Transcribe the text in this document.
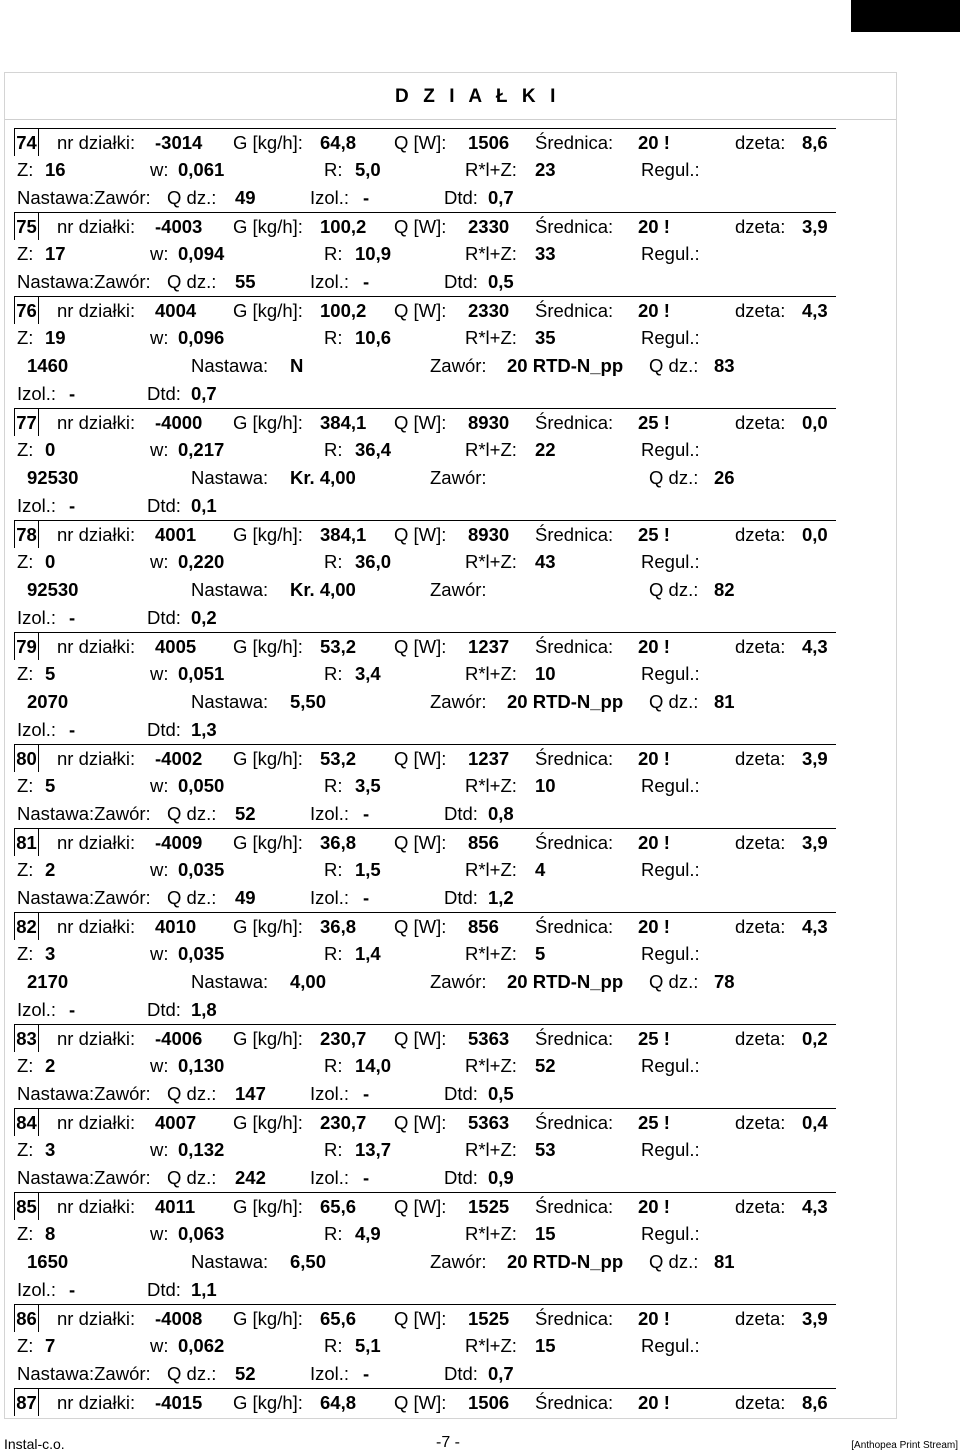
D Z I A Ł K I
74 nr działki: -3014 G [kg/h]: 64,8 Q [W]: 1506 Średnica: 20 !	dzeta: 8,6
Z: 16	w: 0,061	R: 5,0	R*l+Z: 23	Regul.:
Nastawa:Zawór: Q dz.: 49	Izol.: -	Dtd: 0,7
75 nr działki: -4003 G [kg/h]: 100,2 Q [W]: 2330 Średnica: 20 !	dzeta: 3,9
Z: 17	w: 0,094	R: 10,9	R*l+Z: 33	Regul.:
Nastawa:Zawór: Q dz.: 55	Izol.: -	Dtd: 0,5
76 nr działki: 4004 G [kg/h]: 100,2 Q [W]: 2330 Średnica: 20 !	dzeta: 4,3
Z: 19	w: 0,096	R: 10,6	R*l+Z: 35	Regul.:
1460	Nastawa: N	Zawór: 20 RTD-N_pp Q dz.: 83
Izol.: -	Dtd: 0,7
77 nr działki: -4000 G [kg/h]: 384,1 Q [W]: 8930 Średnica: 25 !	dzeta: 0,0
Z: 0	w: 0,217	R: 36,4	R*l+Z: 22	Regul.:
92530	Nastawa: Kr. 4,00	Zawór:	Q dz.: 26
Izol.: -	Dtd: 0,1
78 nr działki: 4001 G [kg/h]: 384,1 Q [W]: 8930 Średnica: 25 !	dzeta: 0,0
Z: 0	w: 0,220	R: 36,0	R*l+Z: 43	Regul.:
92530	Nastawa: Kr. 4,00	Zawór:	Q dz.: 82
Izol.: -	Dtd: 0,2
79 nr działki: 4005 G [kg/h]: 53,2 Q [W]: 1237 Średnica: 20 !	dzeta: 4,3
Z: 5	w: 0,051	R: 3,4	R*l+Z: 10	Regul.:
2070	Nastawa: 5,50	Zawór: 20 RTD-N_pp Q dz.: 81
Izol.: -	Dtd: 1,3
80 nr działki: -4002 G [kg/h]: 53,2 Q [W]: 1237 Średnica: 20 !	dzeta: 3,9
Z: 5	w: 0,050	R: 3,5	R*l+Z: 10	Regul.:
Nastawa:Zawór: Q dz.: 52	Izol.: -	Dtd: 0,8
81 nr działki: -4009 G [kg/h]: 36,8 Q [W]: 856 Średnica: 20 !	dzeta: 3,9
Z: 2	w: 0,035	R: 1,5	R*l+Z: 4	Regul.:
Nastawa:Zawór: Q dz.: 49	Izol.: -	Dtd: 1,2
82 nr działki: 4010 G [kg/h]: 36,8 Q [W]: 856 Średnica: 20 !	dzeta: 4,3
Z: 3	w: 0,035	R: 1,4	R*l+Z: 5	Regul.:
2170	Nastawa: 4,00	Zawór: 20 RTD-N_pp Q dz.: 78
Izol.: -	Dtd: 1,8
83 nr działki: -4006 G [kg/h]: 230,7 Q [W]: 5363 Średnica: 25 !	dzeta: 0,2
Z: 2	w: 0,130	R: 14,0	R*l+Z: 52	Regul.:
Nastawa:Zawór: Q dz.: 147 Izol.: -	Dtd: 0,5
84 nr działki: 4007 G [kg/h]: 230,7 Q [W]: 5363 Średnica: 25 !	dzeta: 0,4
Z: 3	w: 0,132	R: 13,7	R*l+Z: 53	Regul.:
Nastawa:Zawór: Q dz.: 242 Izol.: -	Dtd: 0,9
85 nr działki: 4011 G [kg/h]: 65,6 Q [W]: 1525 Średnica: 20 !	dzeta: 4,3
Z: 8	w: 0,063	R: 4,9	R*l+Z: 15	Regul.:
1650	Nastawa: 6,50	Zawór: 20 RTD-N_pp Q dz.: 81
Izol.: -	Dtd: 1,1
86 nr działki: -4008 G [kg/h]: 65,6 Q [W]: 1525 Średnica: 20 !	dzeta: 3,9
Z: 7	w: 0,062	R: 5,1	R*l+Z: 15	Regul.:
Nastawa:Zawór: Q dz.: 52	Izol.: -	Dtd: 0,7
87 nr działki: -4015 G [kg/h]: 64,8 Q [W]: 1506 Średnica: 20 !	dzeta: 8,6
Instal-c.o.	-7 -	[Anthopea Print Stream]
